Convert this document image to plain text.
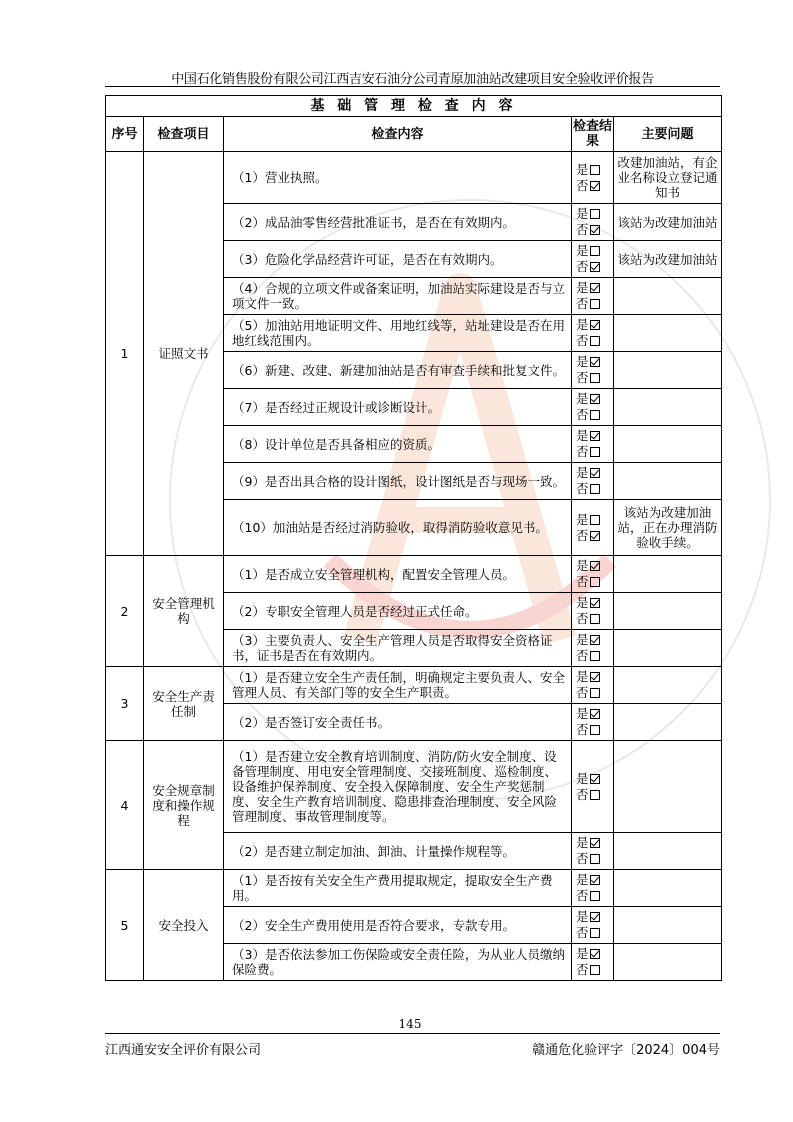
中国石化销售股份有限公司江西吉安石油分公司青原加油站改建项目安全验收评价报告
基 础 管 理 检 查 内 容				
序号	检查项目	检查内容	检查结果	主要问题
1	证照文书	（1）营业执照。	是
否	改建加油站，有企业名称设立登记通知书
		（2）成品油零售经营批准证书，是否在有效期内。	是
否	该站为改建加油站
		（3）危险化学品经营许可证，是否在有效期内。	是
否	该站为改建加油站
		（4）合规的立项文件或备案证明，加油站实际建设是否与立项文件一致。	是
否	

		（5）加油站用地证明文件、用地红线等，站址建设是否在用地红线范围内。	是
否	

		（6）新建、改建、新建加油站是否有审查手续和批复文件。	是
否	

		（7）是否经过正规设计或诊断设计。	是
否	

		（8）设计单位是否具备相应的资质。	是
否	

		（9）是否出具合格的设计图纸，设计图纸是否与现场一致。	是
否	

		（10）加油站是否经过消防验收，取得消防验收意见书。	是
否	该站为改建加油站，正在办理消防验收手续。
2	安全管理机构	（1）是否成立安全管理机构，配置安全管理人员。	是
否	

		（2）专职安全管理人员是否经过正式任命。	是
否	

		（3）主要负责人、安全生产管理人员是否取得安全资格证书，证书是否在有效期内。	是
否	

3	安全生产责任制	（1）是否建立安全生产责任制，明确规定主要负责人、安全管理人员、有关部门等的安全生产职责。	是
否	

		（2）是否签订安全责任书。	是
否	

4	安全规章制度和操作规程	（1）是否建立安全教育培训制度、消防/防火安全制度、设备管理制度、用电安全管理制度、交接班制度、巡检制度、设备维护保养制度、安全投入保障制度、安全生产奖惩制度、安全生产教育培训制度、隐患排查治理制度、安全风险管理制度、事故管理制度等。	是
否	

		（2）是否建立制定加油、卸油、计量操作规程等。	是
否	

5	安全投入	（1）是否按有关安全生产费用提取规定，提取安全生产费用。	是
否	

		（2）安全生产费用使用是否符合要求，专款专用。	是
否	

		（3）是否依法参加工伤保险或安全责任险，为从业人员缴纳保险费。	是
否	

145
江西通安安全评价有限公司	赣通危化验评字〔2024〕004号
